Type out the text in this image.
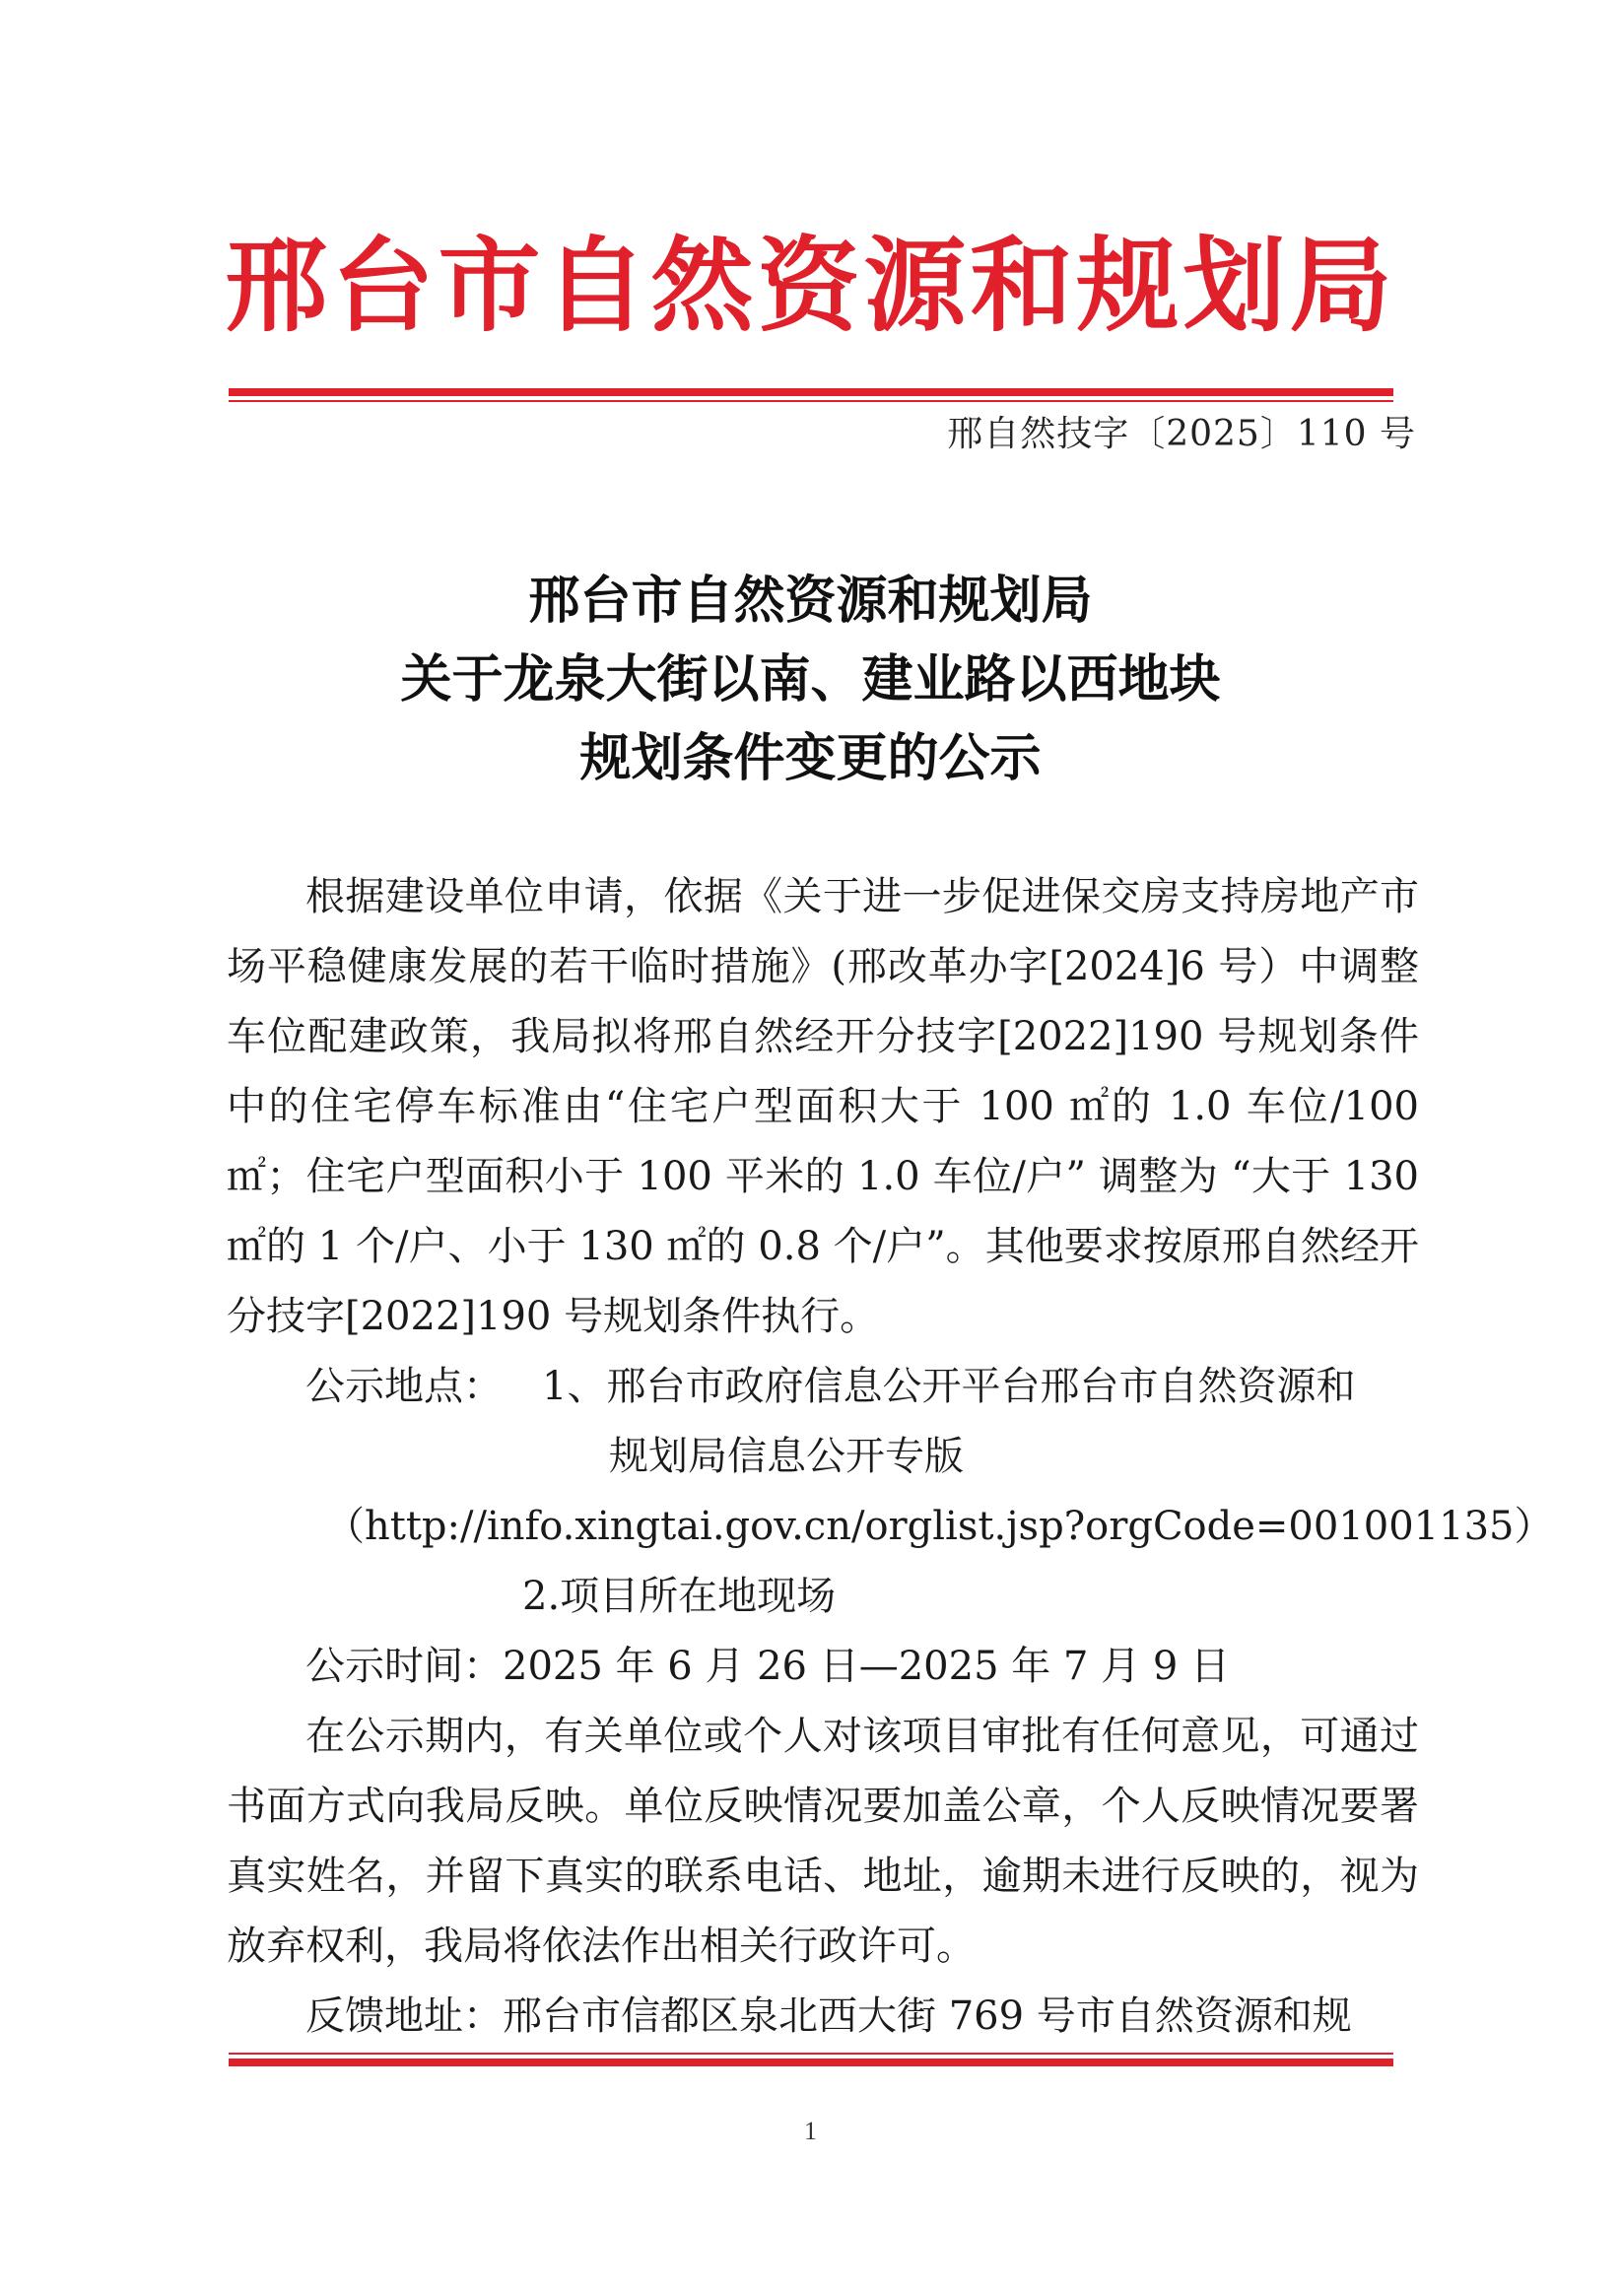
邢台市自然资源和规划局
邢自然技字〔2025〕110 号
邢台市自然资源和规划局
关于龙泉大街以南、建业路以西地块
规划条件变更的公示

根据建设单位申请，依据《关于进一步促进保交房支持房地产市场平稳健康发展的若干临时措施》(邢改革办字[2024]6 号）中调整车位配建政策，我局拟将邢自然经开分技字[2022]190 号规划条件中的住宅停车标准由“住宅户型面积大于 100 ㎡的 1.0 车位/100 ㎡；住宅户型面积小于 100 平米的 1.0 车位/户” 调整为 “大于 130 ㎡的 1 个/户、小于 130 ㎡的 0.8 个/户”。其他要求按原邢自然经开分技字[2022]190 号规划条件执行。

公示地点： 1、邢台市政府信息公开平台邢台市自然资源和

规划局信息公开专版

（http://info.xingtai.gov.cn/orglist.jsp?orgCode=001001135）

2.项目所在地现场

公示时间：2025 年 6 月 26 日—2025 年 7 月 9 日

在公示期内，有关单位或个人对该项目审批有任何意见，可通过书面方式向我局反映。单位反映情况要加盖公章，个人反映情况要署真实姓名，并留下真实的联系电话、地址，逾期未进行反映的，视为放弃权利，我局将依法作出相关行政许可。

反馈地址：邢台市信都区泉北西大街 769 号市自然资源和规

1
